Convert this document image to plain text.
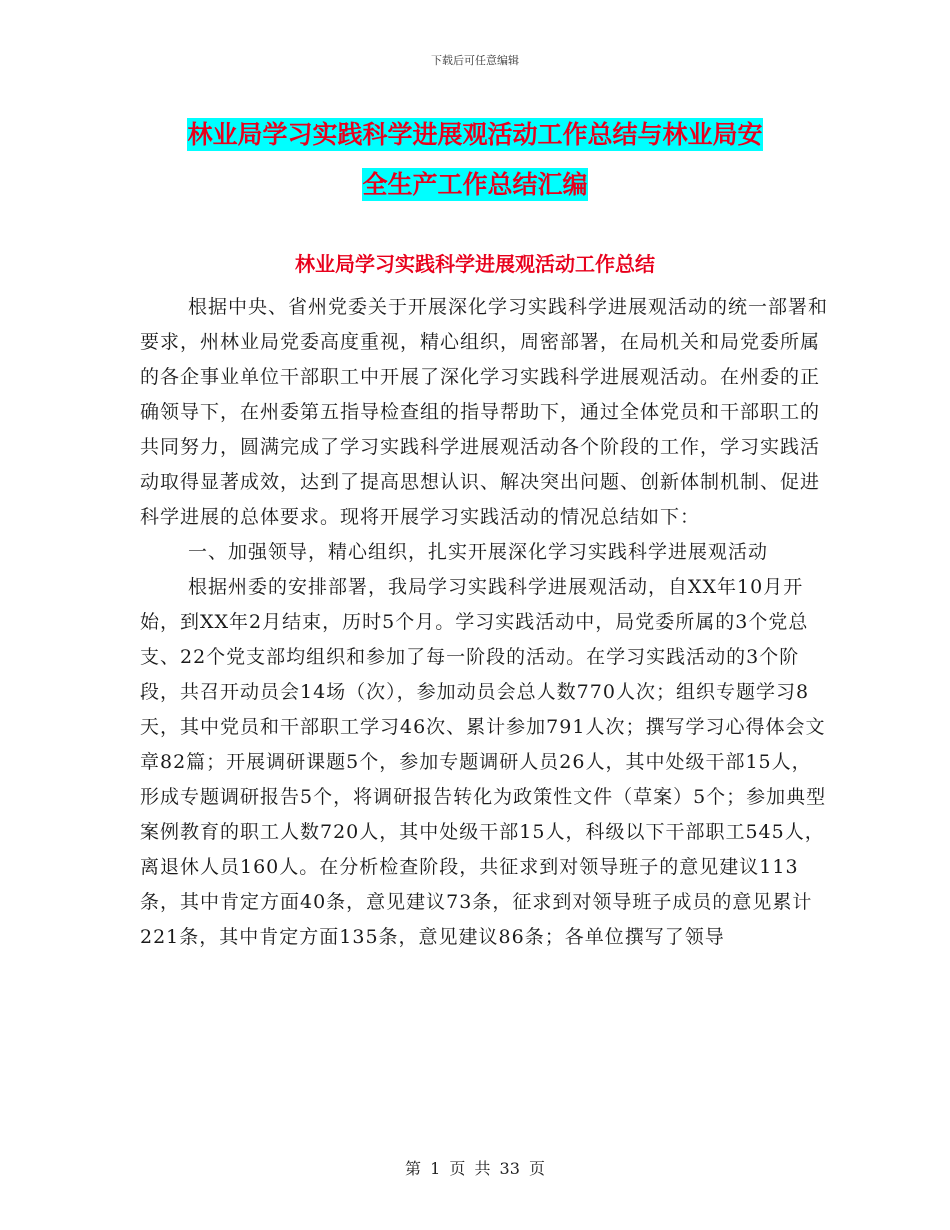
下载后可任意编辑
林业局学习实践科学进展观活动工作总结与林业局安
全生产工作总结汇编
林业局学习实践科学进展观活动工作总结

根据中央、省州党委关于开展深化学习实践科学进展观活动的统一部署和要求，州林业局党委高度重视，精心组织，周密部署，在局机关和局党委所属的各企事业单位干部职工中开展了深化学习实践科学进展观活动。在州委的正确领导下，在州委第五指导检查组的指导帮助下，通过全体党员和干部职工的共同努力，圆满完成了学习实践科学进展观活动各个阶段的工作，学习实践活动取得显著成效，达到了提高思想认识、解决突出问题、创新体制机制、促进科学进展的总体要求。现将开展学习实践活动的情况总结如下：

一、加强领导，精心组织，扎实开展深化学习实践科学进展观活动

根据州委的安排部署，我局学习实践科学进展观活动，自XX年10月开始，到XX年2月结束，历时5个月。学习实践活动中，局党委所属的3个党总支、22个党支部均组织和参加了每一阶段的活动。在学习实践活动的3个阶段，共召开动员会14场（次），参加动员会总人数770人次；组织专题学习8天，其中党员和干部职工学习46次、累计参加791人次；撰写学习心得体会文章82篇；开展调研课题5个，参加专题调研人员26人，其中处级干部15人，形成专题调研报告5个，将调研报告转化为政策性文件（草案）5个；参加典型案例教育的职工人数720人，其中处级干部15人，科级以下干部职工545人，离退休人员160人。在分析检查阶段，共征求到对领导班子的意见建议113条，其中肯定方面40条，意见建议73条，征求到对领导班子成员的意见累计221条，其中肯定方面135条，意见建议86条；各单位撰写了领导

第 1 页 共 33 页
